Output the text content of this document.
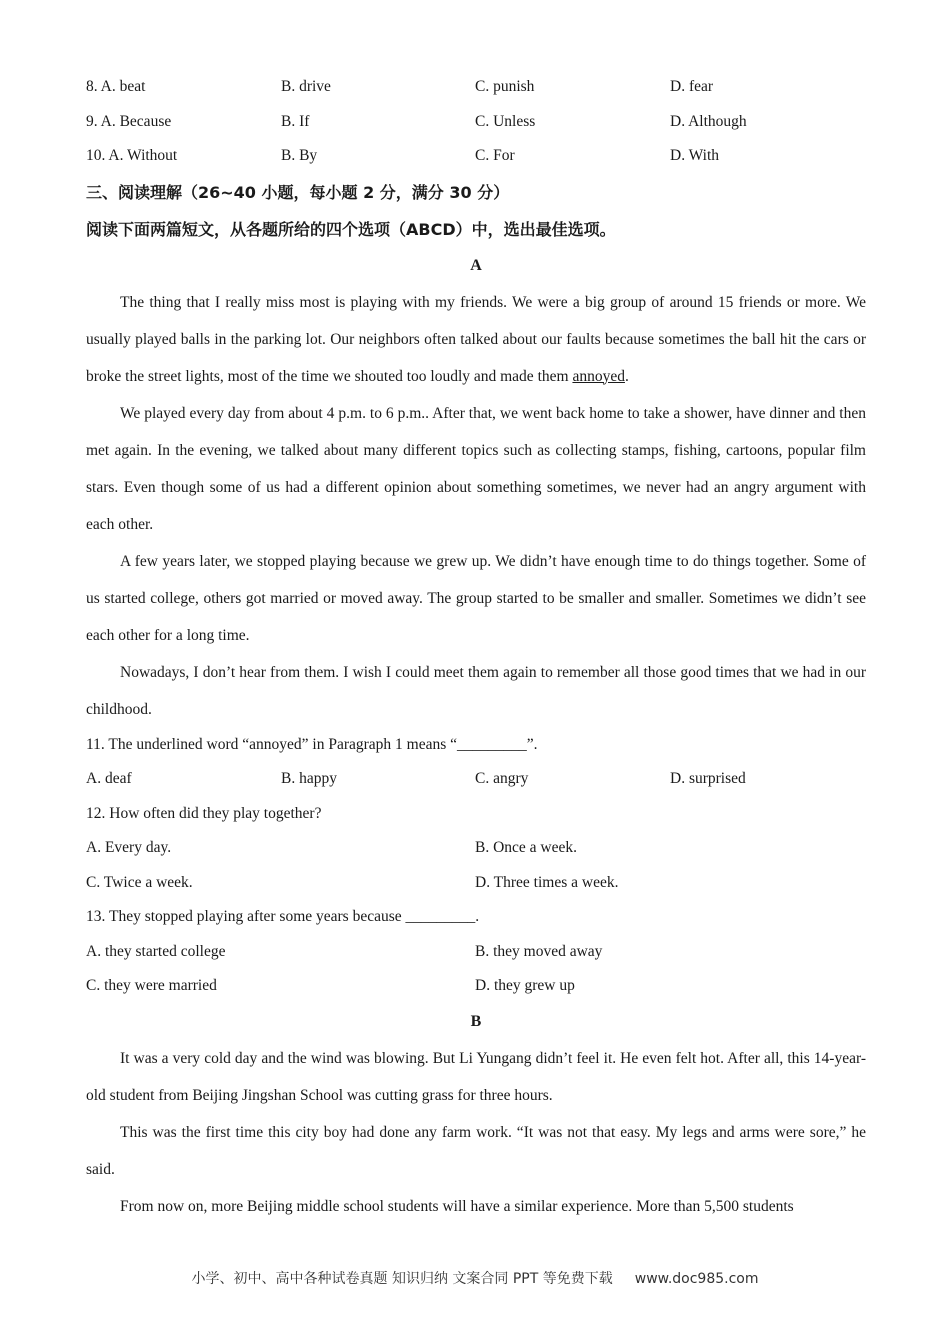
8. A. beat	B. drive	C. punish	D. fear
9. A. Because	B. If	C. Unless	D. Although
10. A. Without	B. By	C. For	D. With
三、阅读理解（26~40 小题，每小题 2 分，满分 30 分）
阅读下面两篇短文，从各题所给的四个选项（ABCD）中，选出最佳选项。
A

The thing that I really miss most is playing with my friends. We were a big group of around 15 friends or more. We usually played balls in the parking lot. Our neighbors often talked about our faults because sometimes the ball hit the cars or broke the street lights, most of the time we shouted too loudly and made them annoyed.

We played every day from about 4 p.m. to 6 p.m.. After that, we went back home to take a shower, have dinner and then met again. In the evening, we talked about many different topics such as collecting stamps, fishing, cartoons, popular film stars. Even though some of us had a different opinion about something sometimes, we never had an angry argument with each other.

A few years later, we stopped playing because we grew up. We didn’t have enough time to do things together. Some of us started college, others got married or moved away. The group started to be smaller and smaller. Sometimes we didn’t see each other for a long time.

Nowadays, I don’t hear from them. I wish I could meet them again to remember all those good times that we had in our childhood.

11. The underlined word “annoyed” in Paragraph 1 means “_________”.
A. deaf	B. happy	C. angry	D. surprised
12. How often did they play together?
A. Every day.	B. Once a week.
C. Twice a week.	D. Three times a week.
13. They stopped playing after some years because _________.
A. they started college	B. they moved away
C. they were married	D. they grew up
B

It was a very cold day and the wind was blowing. But Li Yungang didn’t feel it. He even felt hot. After all, this 14-year-old student from Beijing Jingshan School was cutting grass for three hours.

This was the first time this city boy had done any farm work. “It was not that easy. My legs and arms were sore,” he said.

From now on, more Beijing middle school students will have a similar experience. More than 5,500 students

小学、初中、高中各种试卷真题 知识归纳 文案合同 PPT 等免费下载 www.doc985.com
